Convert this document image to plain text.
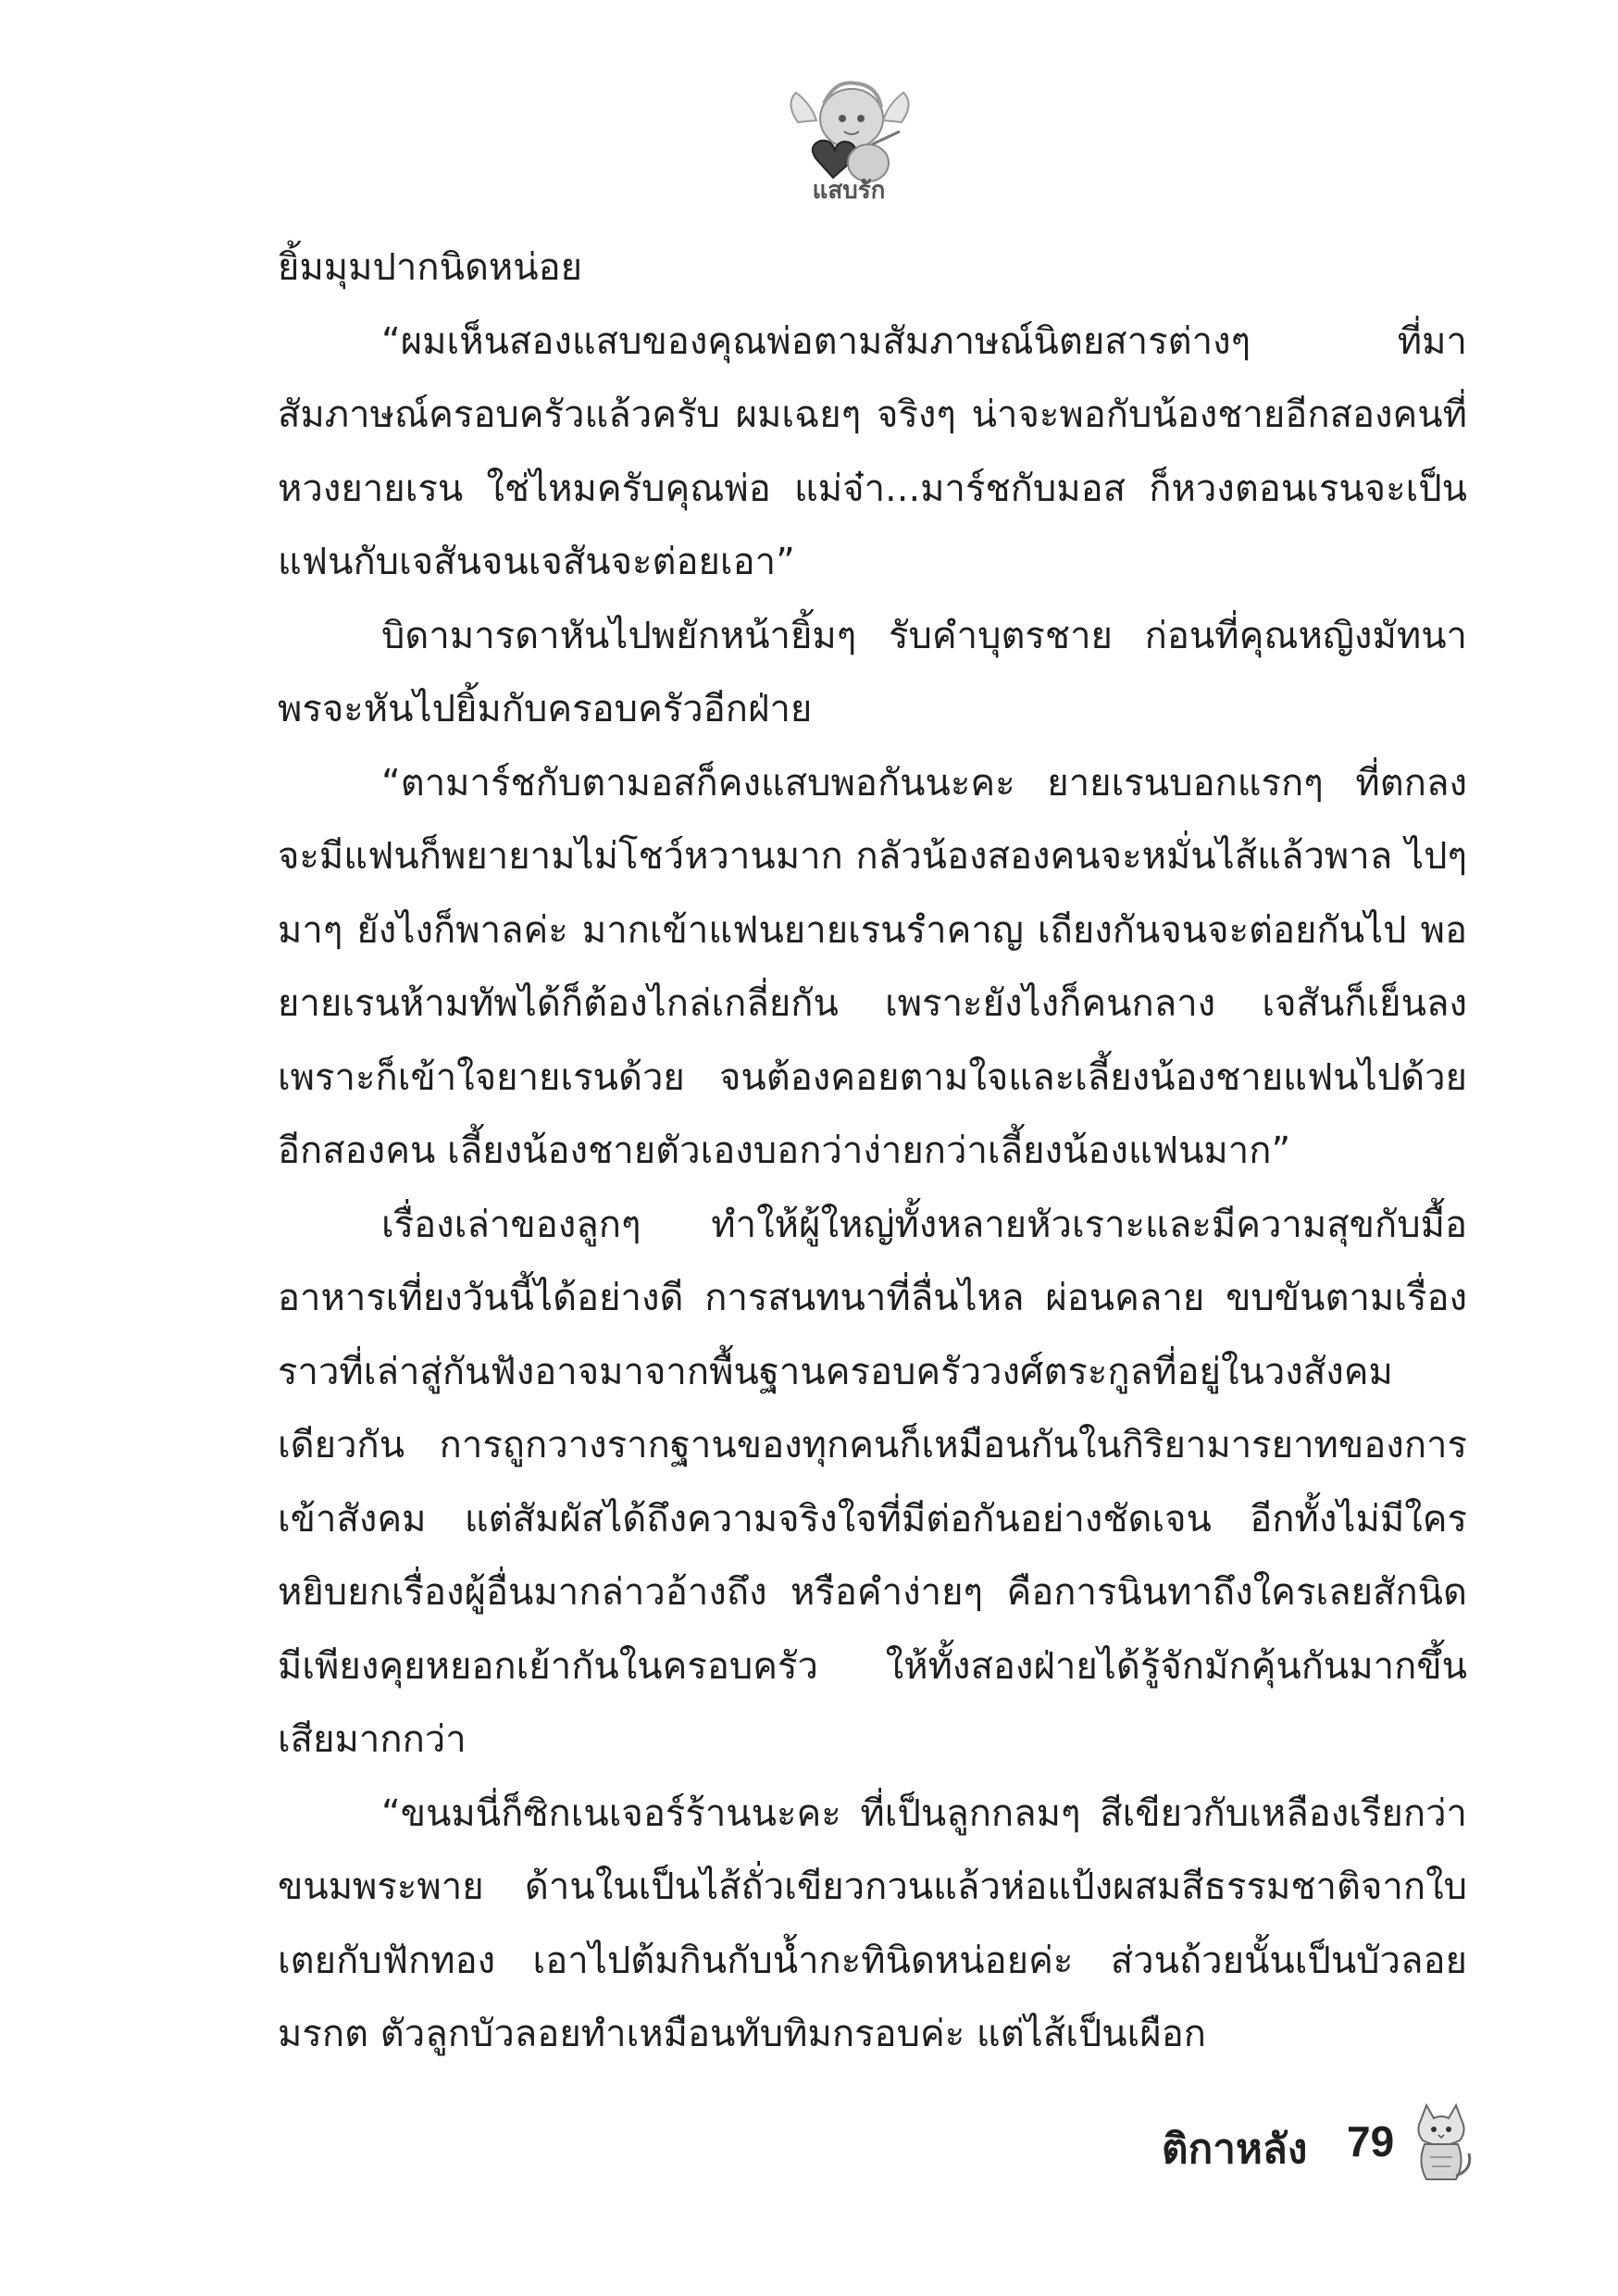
แสบรัก

ยิ้มมุมปากนิดหน่อย

“ผมเห็นสองแสบของคุณพ่อตามสัมภาษณ์นิตยสารต่างๆ ที่มาสัมภาษณ์ครอบครัวแล้วครับ ผมเฉยๆ จริงๆ น่าจะพอกับน้องชายอีกสองคนที่หวงยายเรน ใช่ไหมครับคุณพ่อ แม่จ๋า...มาร์ชกับมอส ก็หวงตอนเรนจะเป็นแฟนกับเจสันจนเจสันจะต่อยเอา”

บิดามารดาหันไปพยักหน้ายิ้มๆ รับคำบุตรชาย ก่อนที่คุณหญิงมัทนาพรจะหันไปยิ้มกับครอบครัวอีกฝ่าย

“ตามาร์ชกับตามอสก็คงแสบพอกันนะคะ ยายเรนบอกแรกๆ ที่ตกลงจะมีแฟนก็พยายามไม่โชว์หวานมาก กลัวน้องสองคนจะหมั่นไส้แล้วพาล ไปๆ มาๆ ยังไงก็พาลค่ะ มากเข้าแฟนยายเรนรำคาญ เถียงกันจนจะต่อยกันไป พอยายเรนห้ามทัพได้ก็ต้องไกล่เกลี่ยกัน เพราะยังไงก็คนกลาง เจสันก็เย็นลงเพราะก็เข้าใจยายเรนด้วย จนต้องคอยตามใจและเลี้ยงน้องชายแฟนไปด้วยอีกสองคน เลี้ยงน้องชายตัวเองบอกว่าง่ายกว่าเลี้ยงน้องแฟนมาก”

เรื่องเล่าของลูกๆ ทำให้ผู้ใหญ่ทั้งหลายหัวเราะและมีความสุขกับมื้ออาหารเที่ยงวันนี้ได้อย่างดี การสนทนาที่ลื่นไหล ผ่อนคลาย ขบขันตามเรื่องราวที่เล่าสู่กันฟังอาจมาจากพื้นฐานครอบครัววงศ์ตระกูลที่อยู่ในวงสังคมเดียวกัน การถูกวางรากฐานของทุกคนก็เหมือนกันในกิริยามารยาทของการเข้าสังคม แต่สัมผัสได้ถึงความจริงใจที่มีต่อกันอย่างชัดเจน อีกทั้งไม่มีใครหยิบยกเรื่องผู้อื่นมากล่าวอ้างถึง หรือคำง่ายๆ คือการนินทาถึงใครเลยสักนิด มีเพียงคุยหยอกเย้ากันในครอบครัว ให้ทั้งสองฝ่ายได้รู้จักมักคุ้นกันมากขึ้นเสียมากกว่า

“ขนมนี่ก็ซิกเนเจอร์ร้านนะคะ ที่เป็นลูกกลมๆ สีเขียวกับเหลืองเรียกว่า ขนมพระพาย ด้านในเป็นไส้ถั่วเขียวกวนแล้วห่อแป้งผสมสีธรรมชาติจากใบเตยกับฟักทอง เอาไปต้มกินกับน้ำกะทินิดหน่อยค่ะ ส่วนถ้วยนั้นเป็นบัวลอยมรกต ตัวลูกบัวลอยทำเหมือนทับทิมกรอบค่ะ แต่ไส้เป็นเผือก

ติกาหลัง 79
